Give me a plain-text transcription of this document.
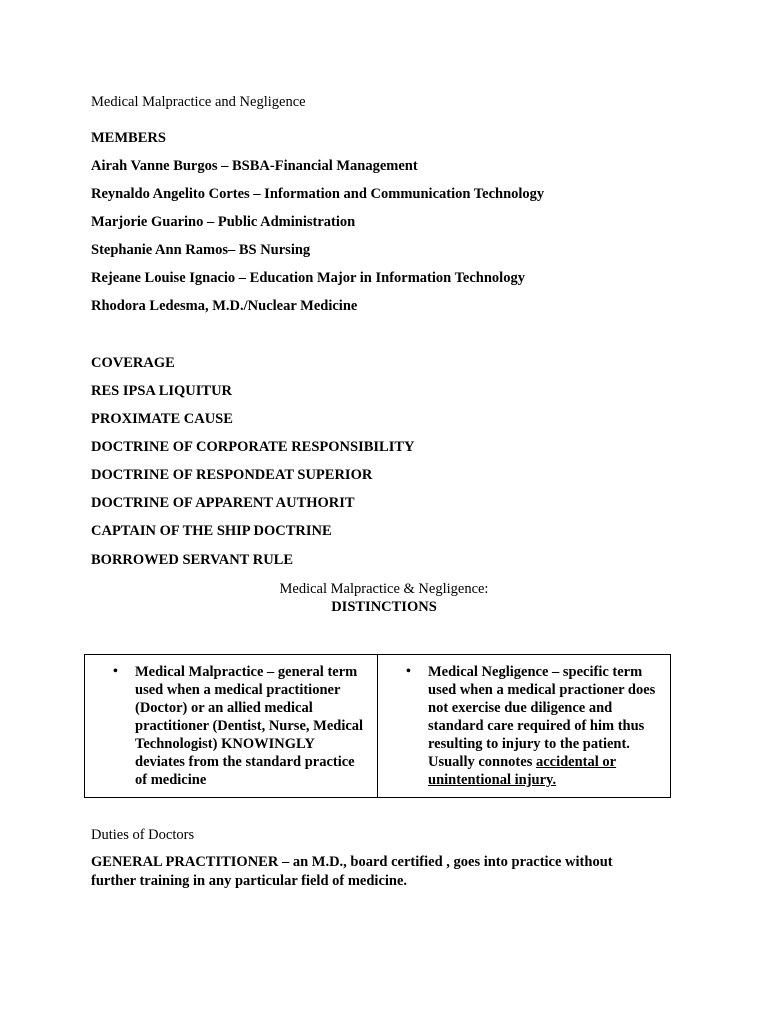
Medical Malpractice and Negligence
MEMBERS
Airah Vanne Burgos – BSBA-Financial Management
Reynaldo Angelito Cortes – Information and Communication Technology
Marjorie Guarino – Public Administration
Stephanie Ann Ramos– BS Nursing
Rejeane Louise Ignacio – Education Major in Information Technology
Rhodora Ledesma, M.D./Nuclear Medicine
COVERAGE
RES IPSA LIQUITUR
PROXIMATE CAUSE
DOCTRINE OF CORPORATE RESPONSIBILITY
DOCTRINE OF RESPONDEAT SUPERIOR
DOCTRINE OF APPARENT AUTHORIT
CAPTAIN OF THE SHIP DOCTRINE
BORROWED SERVANT RULE
Medical Malpractice & Negligence:
DISTINCTIONS
• Medical Malpractice – general term used when a medical practitioner (Doctor) or an allied medical practitioner (Dentist, Nurse, Medical Technologist) KNOWINGLY deviates from the standard practice of medicine
• Medical Negligence – specific term used when a medical practioner does not exercise due diligence and standard care required of him thus resulting to injury to the patient. Usually connotes accidental or unintentional injury.
Duties of Doctors
GENERAL PRACTITIONER – an M.D., board certified , goes into practice without further training in any particular field of medicine.
